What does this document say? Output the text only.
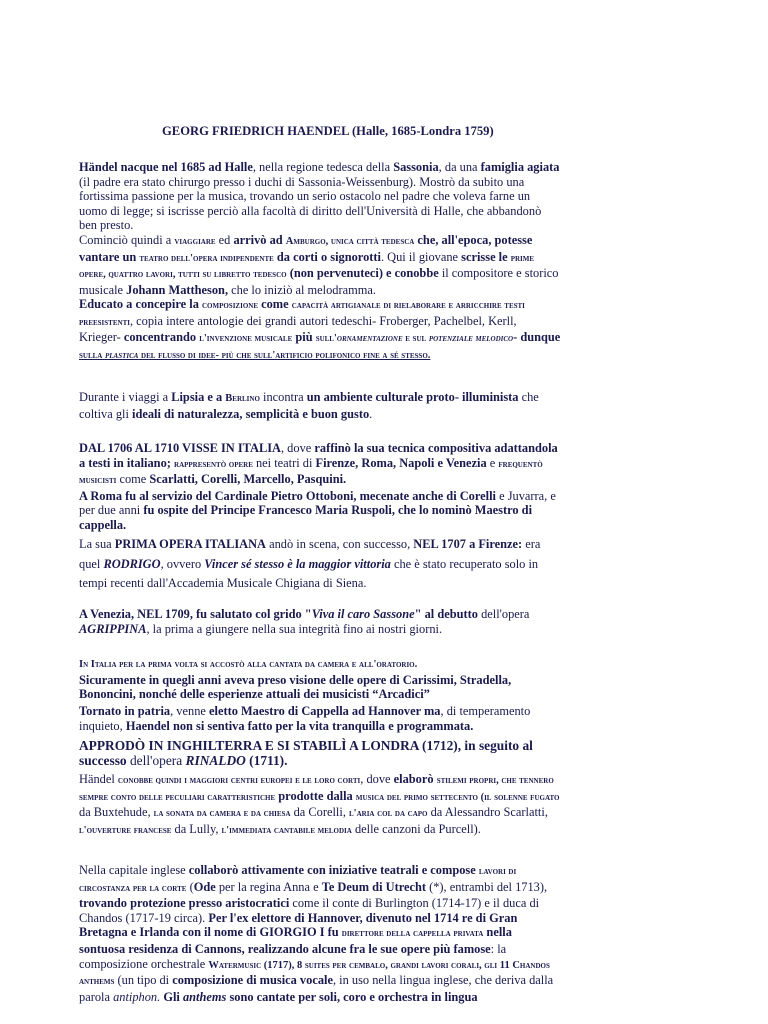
GEORG FRIEDRICH HAENDEL (Halle, 1685-Londra 1759)

Händel nacque nel 1685 ad Halle, nella regione tedesca della Sassonia, da una famiglia agiata (il padre era stato chirurgo presso i duchi di Sassonia-Weissenburg). Mostrò da subito una fortissima passione per la musica, trovando un serio ostacolo nel padre che voleva farne un uomo di legge; si iscrisse perciò alla facoltà di diritto dell'Università di Halle, che abbandonò ben presto.
Cominciò quindi a viaggiare ed arrivò ad Amburgo, unica città tedesca che, all'epoca, potesse vantare un teatro dell'opera indipendente da corti o signorotti. Qui il giovane scrisse le prime opere, quattro lavori, tutti su libretto tedesco (non pervenuteci) e conobbe il compositore e storico musicale Johann Mattheson, che lo iniziò al melodramma.

Educato a concepire la composizione come capacità artigianale di rielaborare e arricchire testi preesistenti, copia intere antologie dei grandi autori tedeschi- Froberger, Pachelbel, Kerll, Krieger- concentrando l'invenzione musicale più sull'ornamentazione e sul potenziale melodico- dunque sulla plastica del flusso di idee- più che sull'artificio polifonico fine a sé stesso.

Durante i viaggi a Lipsia e a Berlino incontra un ambiente culturale proto- illuminista che coltiva gli ideali di naturalezza, semplicità e buon gusto.

DAL 1706 AL 1710 VISSE IN ITALIA, dove raffinò la sua tecnica compositiva adattandola a testi in italiano; rappresentò opere nei teatri di Firenze, Roma, Napoli e Venezia e frequentò musicisti come Scarlatti, Corelli, Marcello, Pasquini.
A Roma fu al servizio del Cardinale Pietro Ottoboni, mecenate anche di Corelli e Juvarra, e per due anni fu ospite del Principe Francesco Maria Ruspoli, che lo nominò Maestro di cappella.

La sua PRIMA OPERA ITALIANA andò in scena, con successo, NEL 1707 a Firenze: era quel RODRIGO, ovvero Vincer sé stesso è la maggior vittoria che è stato recuperato solo in tempi recenti dall'Accademia Musicale Chigiana di Siena.

A Venezia, NEL 1709, fu salutato col grido "Viva il caro Sassone" al debutto dell'opera AGRIPPINA, la prima a giungere nella sua integrità fino ai nostri giorni.

In Italia per la prima volta si accostò alla cantata da camera e all'oratorio.
Sicuramente in quegli anni aveva preso visione delle opere di Carissimi, Stradella, Bononcini, nonché delle esperienze attuali dei musicisti “Arcadici”

Tornato in patria, venne eletto Maestro di Cappella ad Hannover ma, di temperamento inquieto, Haendel non si sentiva fatto per la vita tranquilla e programmata.

APPRODÒ IN INGHILTERRA E SI STABILÌ A LONDRA (1712), in seguito al successo dell'opera RINALDO (1711).

Händel conobbe quindi i maggiori centri europei e le loro corti, dove elaborò stilemi propri, che tennero sempre conto delle peculiari caratteristiche prodotte dalla musica del primo settecento (il solenne fugato da Buxtehude, la sonata da camera e da chiesa da Corelli, l'aria col da capo da Alessandro Scarlatti, l'ouverture francese da Lully, l'immediata cantabile melodia delle canzoni da Purcell).

Nella capitale inglese collaborò attivamente con iniziative teatrali e compose lavori di circostanza per la corte (Ode per la regina Anna e Te Deum di Utrecht (*), entrambi del 1713), trovando protezione presso aristocratici come il conte di Burlington (1714-17) e il duca di Chandos (1717-19 circa). Per l'ex elettore di Hannover, divenuto nel 1714 re di Gran Bretagna e Irlanda con il nome di GIORGIO I fu direttore della cappella privata nella sontuosa residenza di Cannons, realizzando alcune fra le sue opere più famose: la composizione orchestrale Watermusic (1717), 8 suites per cembalo, grandi lavori corali, gli 11 Chandos anthems (un tipo di composizione di musica vocale, in uso nella lingua inglese, che deriva dalla parola antiphon. Gli anthems sono cantate per soli, coro e orchestra in lingua
